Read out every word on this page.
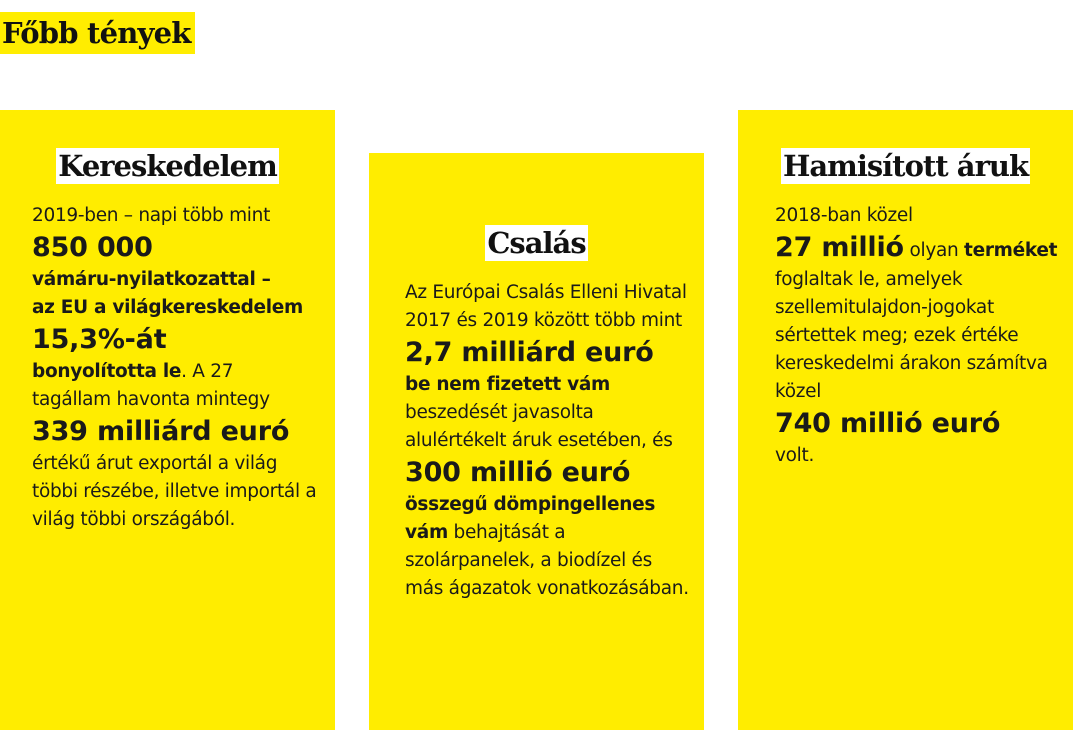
Főbb tények
Kereskedelem

2019-ben – napi több mint

850 000

vámáru-nyilatkozattal –

az EU a világkereskedelem

15,3%-át

bonyolította le. A 27

tagállam havonta mintegy

339 milliárd euró

értékű árut exportál a világ többi részébe, illetve importál a világ többi országából.

Csalás

Az Európai Csalás Elleni Hivatal 2017 és 2019 között több mint

2,7 milliárd euró

be nem fizetett vám

beszedését javasolta alulértékelt áruk esetében, és

300 millió euró

összegű dömpingellenes

vám behajtását a szolárpanelek, a biodízel és más ágazatok vonatkozásában.

Hamisított áruk

2018-ban közel

27 millió olyan terméket foglaltak le, amelyek szellemitulajdon-jogokat sértettek meg; ezek értéke kereskedelmi árakon számítva közel

740 millió euró

volt.
